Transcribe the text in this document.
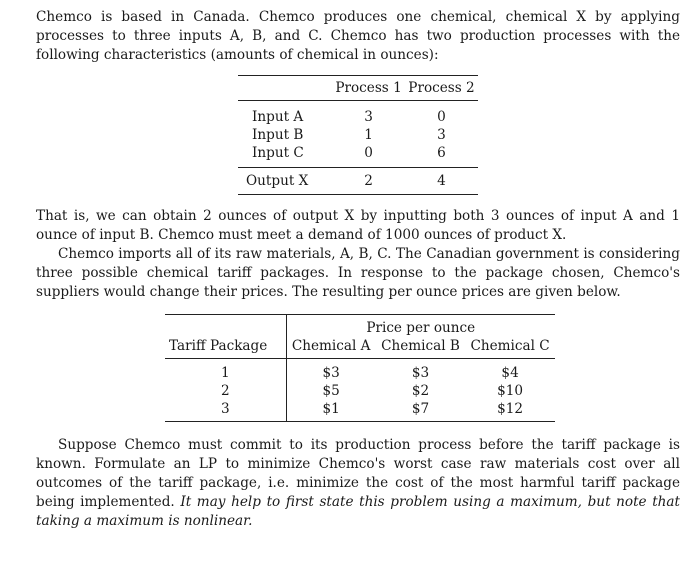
Chemco is based in Canada. Chemco produces one chemical, chemical X by applying processes to three inputs A, B, and C. Chemco has two production processes with the following characteristics (amounts of chemical in ounces):

	Process 1	Process 2
Input A	3	0
Input B	1	3
Input C	0	6
Output X	2	4

That is, we can obtain 2 ounces of output X by inputting both 3 ounces of input A and 1 ounce of input B. Chemco must meet a demand of 1000 ounces of product X.

Chemco imports all of its raw materials, A, B, C. The Canadian government is considering three possible chemical tariff packages. In response to the package chosen, Chemco's suppliers would change their prices. The resulting per ounce prices are given below.

	Price per ounce		
Tariff Package	Chemical A	Chemical B	Chemical C
1	$3	$3	$4
2	$5	$2	$10
3	$1	$7	$12

Suppose Chemco must commit to its production process before the tariff package is known. Formulate an LP to minimize Chemco's worst case raw materials cost over all outcomes of the tariff package, i.e. minimize the cost of the most harmful tariff package being implemented. It may help to first state this problem using a maximum, but note that taking a maximum is nonlinear.
